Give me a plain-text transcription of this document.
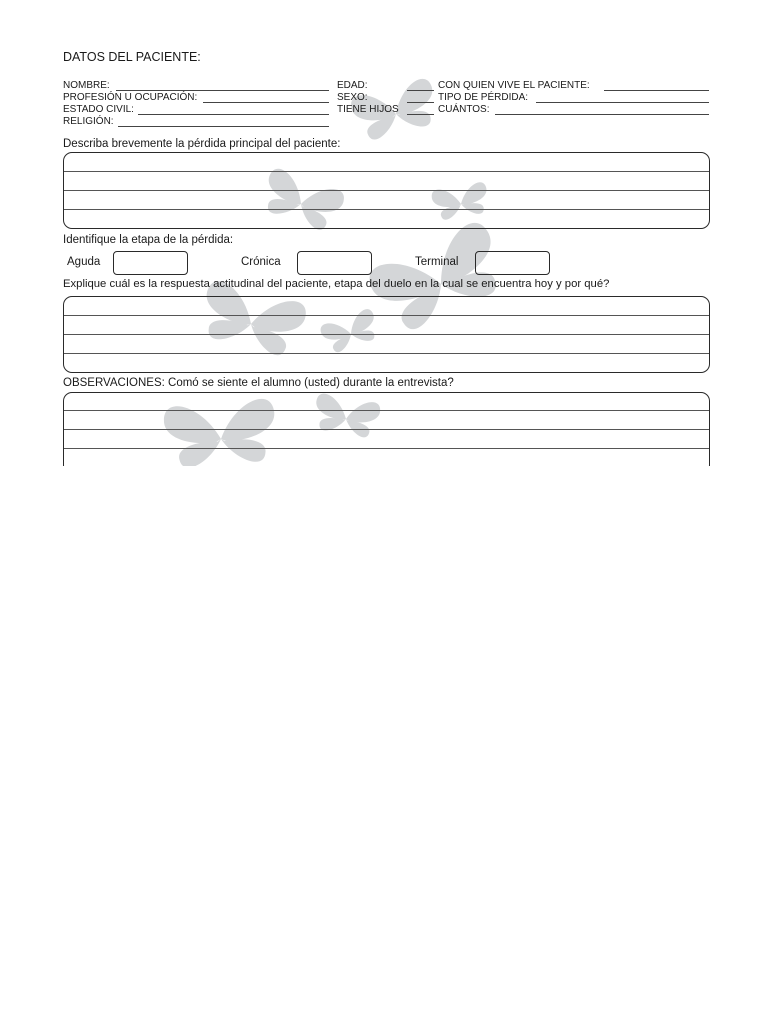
DATOS DEL PACIENTE:
NOMBRE:
PROFESIÓN U OCUPACIÓN:
ESTADO CIVIL:
RELIGIÓN:
EDAD:
SEXO:
TIENE HIJOS
CON QUIEN VIVE EL PACIENTE:
TIPO DE PÉRDIDA:
CUÁNTOS:
Describa brevemente la pérdida principal del paciente:
Identifique la etapa de la pérdida:
Aguda	Crónica	Terminal
Explique cuál es la respuesta actitudinal del paciente, etapa del duelo en la cual se encuentra hoy y por qué?
OBSERVACIONES: Comó se siente el alumno (usted) durante la entrevista?
